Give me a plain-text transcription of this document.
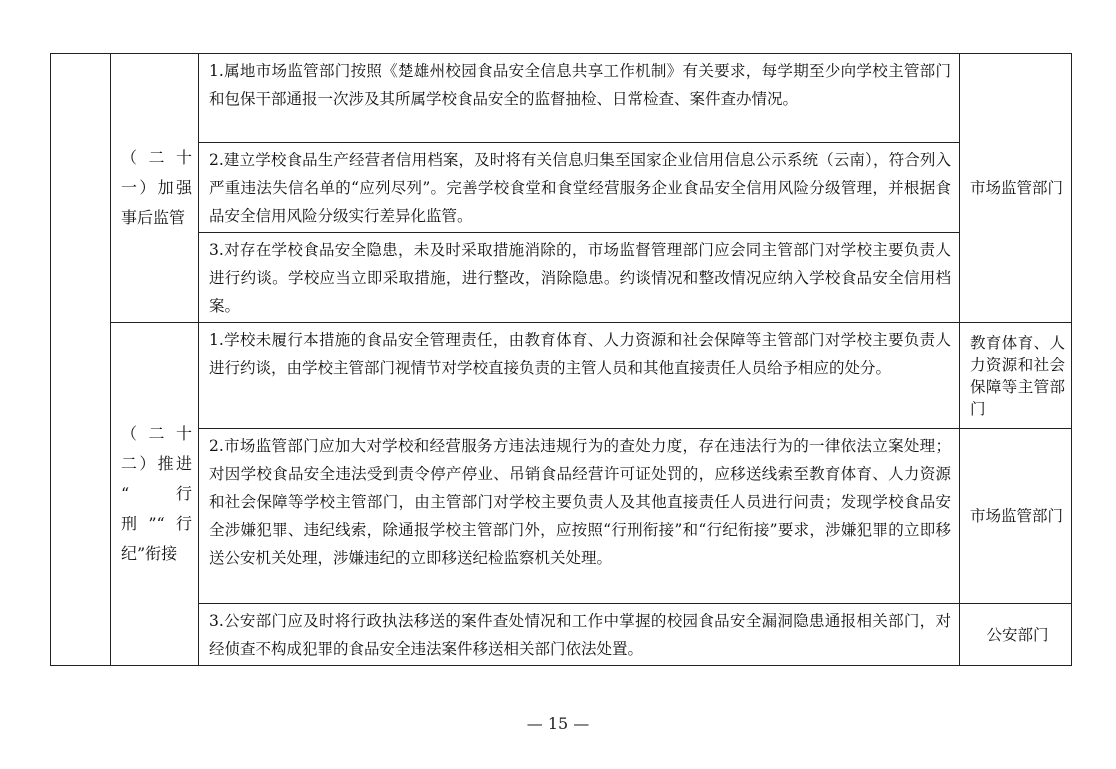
	（二十
一）加强
事后监管	1.属地市场监管部门按照《楚雄州校园食品安全信息共享工作机制》有关要求，每学期至少向学校主管部门和包保干部通报一次涉及其所属学校食品安全的监督抽检、日常检查、案件查办情况。	市场监管部门
		2.建立学校食品生产经营者信用档案，及时将有关信息归集至国家企业信用信息公示系统（云南），符合列入严重违法失信名单的“应列尽列”。完善学校食堂和食堂经营服务企业食品安全信用风险分级管理，并根据食品安全信用风险分级实行差异化监管。	
		3.对存在学校食品安全隐患，未及时采取措施消除的，市场监督管理部门应会同主管部门对学校主要负责人进行约谈。学校应当立即采取措施，进行整改，消除隐患。约谈情况和整改情况应纳入学校食品安全信用档案。	

	（二十
二）推进
“行刑”“行
纪”衔接	1.学校未履行本措施的食品安全管理责任，由教育体育、人力资源和社会保障等主管部门对学校主要负责人进行约谈，由学校主管部门视情节对学校直接负责的主管人员和其他直接责任人员给予相应的处分。	教育体育、人力资源和社会保障等主管部门
		2.市场监管部门应加大对学校和经营服务方违法违规行为的查处力度，存在违法行为的一律依法立案处理；对因学校食品安全违法受到责令停产停业、吊销食品经营许可证处罚的，应移送线索至教育体育、人力资源和社会保障等学校主管部门，由主管部门对学校主要负责人及其他直接责任人员进行问责；发现学校食品安全涉嫌犯罪、违纪线索，除通报学校主管部门外，应按照“行刑衔接”和“行纪衔接”要求，涉嫌犯罪的立即移送公安机关处理，涉嫌违纪的立即移送纪检监察机关处理。	市场监管部门
		3.公安部门应及时将行政执法移送的案件查处情况和工作中掌握的校园食品安全漏洞隐患通报相关部门，对经侦查不构成犯罪的食品安全违法案件移送相关部门依法处置。	公安部门
— 15 —
